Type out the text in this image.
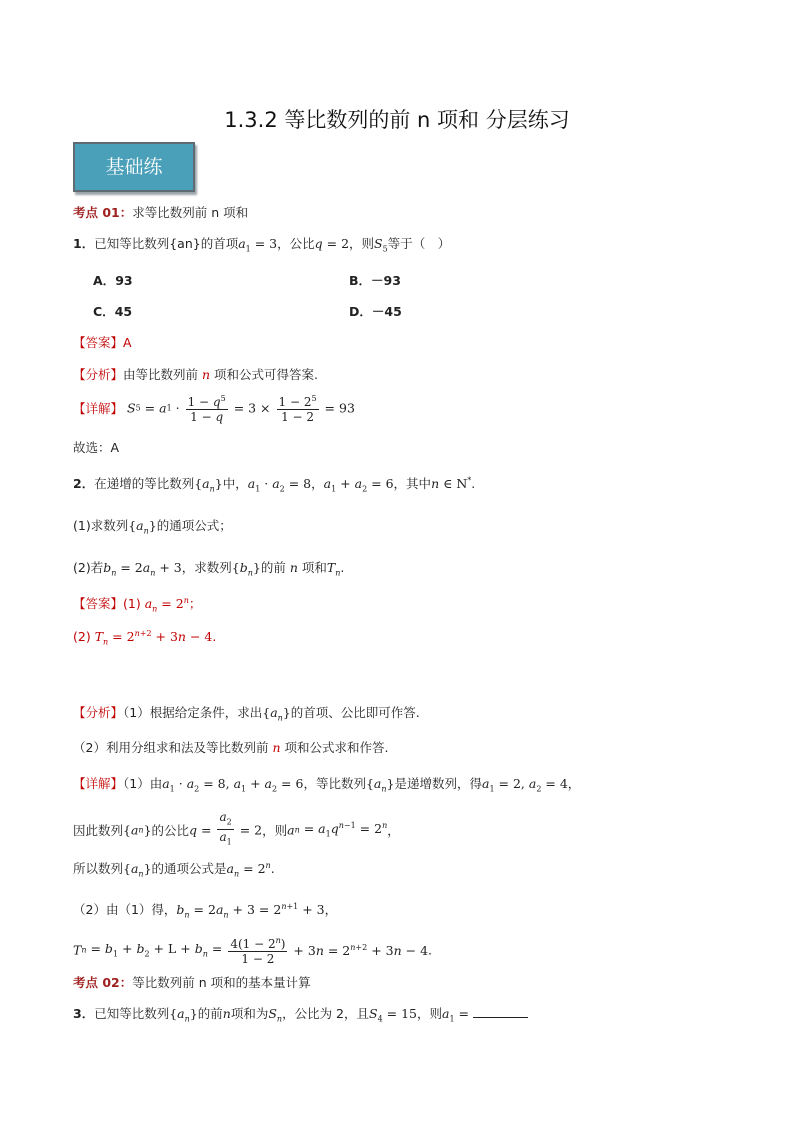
1.3.2 等比数列的前 n 项和 分层练习
基础练
考点 01：求等比数列前 n 项和
1．已知等比数列{an}的首项$a_1 = 3$，公比q = 2，则$S_5$等于（　）
A．93	B．－93
C．45	D．－45
【答案】A
【分析】由等比数列前 n 项和公式可得答案.
【详解】 $S5 = a1 \cdot \frac{1 - q^5}{1 - q} = 3 \times \frac{1 - 2^5}{1 - 2} = 93$
故选：A
2．在递增的等比数列$\{a_n\}$中，$a_1 \cdot a_2 = 8$，$a_1 + a_2 = 6$，其中n ∈ N*.
(1)求数列$\{a_n\}$的通项公式；
(2)若$b_n = 2a_n + 3$，求数列$\{b_n\}$的前 n 项和$T_n$.
【答案】(1) $a_n = 2^n$；
(2) $T_n = 2^{n+2} + 3n - 4$.
【分析】（1）根据给定条件，求出$\{a_n\}$的首项、公比即可作答.
（2）利用分组求和法及等比数列前 n 项和公式求和作答.
【详解】（1）由$a_1 \cdot a_2 = 8$, $a_1 + a_2 = 6$，等比数列$\{a_n\}$是递增数列，得$a_1 = 2$, $a_2 = 4$，
因此数列{an}的公比$q = \frac{a_2}{a_1} = 2$，则an = $a_1q^{n-1} = 2^n$，
所以数列$\{a_n\}$的通项公式是$a_n = 2^n$.
（2）由（1）得，$b_n = 2a_n + 3 = 2^{n+1} + 3$，
$Tn = b_1 + b_2 + L + b_n = \frac{4(1 - 2^n)}{1 - 2} + 3n = 2^{n+2} + 3n - 4$.
考点 02：等比数列前 n 项和的基本量计算
3．已知等比数列$\{a_n\}$的前n项和为$S_n$，公比为 2，且$S_4 = 15$，则$a_1$ =
